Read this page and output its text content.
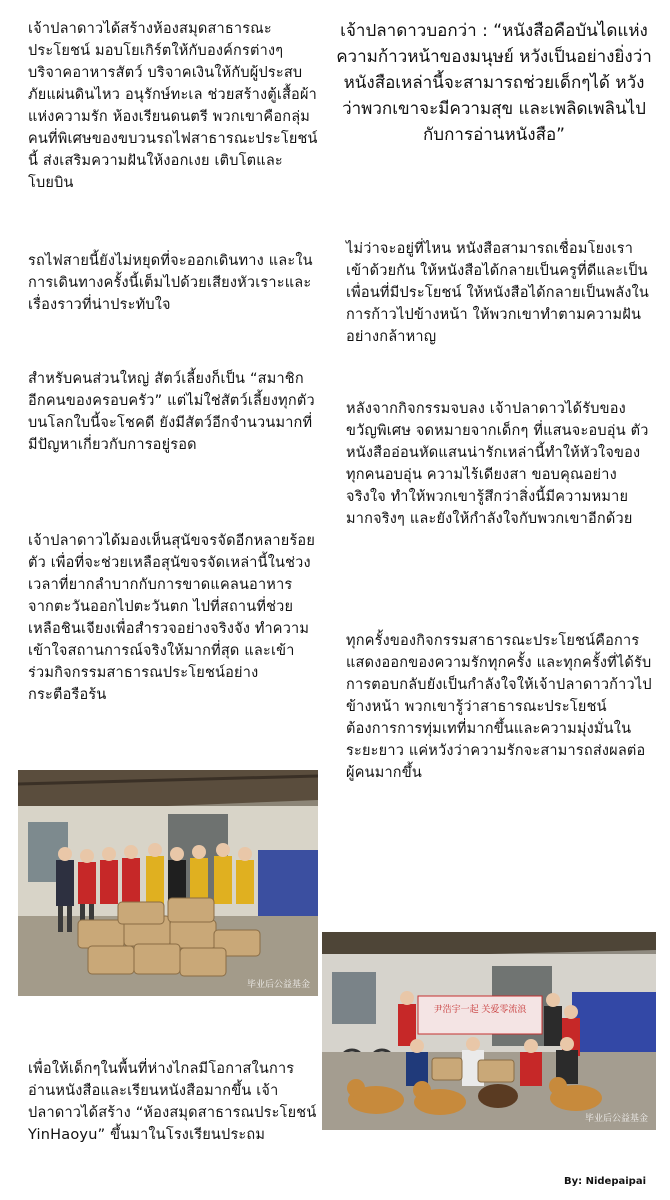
เจ้าปลาดาวได้สร้างห้องสมุดสาธารณะประโยชน์ มอบโยเกิร์ตให้กับองค์กรต่างๆ บริจาคอาหารสัตว์ บริจาคเงินให้กับผู้ประสบภัยแผ่นดินไหว อนุรักษ์ทะเล ช่วยสร้างตู้เสื้อผ้าแห่งความรัก ห้องเรียนดนตรี พวกเขาคือกลุ่มคนที่พิเศษของขบวนรถไฟสาธารณะประโยชน์นี้ ส่งเสริมความฝันให้งอกเงย เติบโตและโบยบิน
รถไฟสายนี้ยังไม่หยุดที่จะออกเดินทาง และในการเดินทางครั้งนี้เต็มไปด้วยเสียงหัวเราะและเรื่องราวที่น่าประทับใจ
สำหรับคนส่วนใหญ่ สัตว์เลี้ยงก็เป็น “สมาชิกอีกคนของครอบครัว” แต่ไม่ใช่สัตว์เลี้ยงทุกตัวบนโลกใบนี้จะโชคดี ยังมีสัตว์อีกจำนวนมากที่มีปัญหาเกี่ยวกับการอยู่รอด
เจ้าปลาดาวได้มองเห็นสุนัขจรจัดอีกหลายร้อยตัว เพื่อที่จะช่วยเหลือสุนัขจรจัดเหล่านี้ในช่วงเวลาที่ยากลำบากกับการขาดแคลนอาหาร จากตะวันออกไปตะวันตก ไปที่สถานที่ช่วยเหลือชินเจียงเพื่อสำรวจอย่างจริงจัง ทำความเข้าใจสถานการณ์จริงให้มากที่สุด และเข้าร่วมกิจกรรมสาธารณประโยชน์อย่างกระตือรือร้น
เพื่อให้เด็กๆในพื้นที่ห่างไกลมีโอกาสในการอ่านหนังสือและเรียนหนังสือมากขึ้น เจ้าปลาดาวได้สร้าง “ห้องสมุดสาธารณประโยชน์ YinHaoyu” ขึ้นมาในโรงเรียนประถม
เจ้าปลาดาวบอกว่า : “หนังสือคือบันไดแห่งความก้าวหน้าของมนุษย์ หวังเป็นอย่างยิ่งว่าหนังสือเหล่านี้จะสามารถช่วยเด็กๆได้ หวังว่าพวกเขาจะมีความสุข และเพลิดเพลินไปกับการอ่านหนังสือ”
ไม่ว่าจะอยู่ที่ไหน หนังสือสามารถเชื่อมโยงเราเข้าด้วยกัน ให้หนังสือได้กลายเป็นครูที่ดีและเป็นเพื่อนที่มีประโยชน์ ให้หนังสือได้กลายเป็นพลังในการก้าวไปข้างหน้า ให้พวกเขาทำตามความฝันอย่างกล้าหาญ
หลังจากกิจกรรมจบลง เจ้าปลาดาวได้รับของขวัญพิเศษ จดหมายจากเด็กๆ ที่แสนจะอบอุ่น ตัวหนังสืออ่อนหัดแสนน่ารักเหล่านี้ทำให้หัวใจของทุกคนอบอุ่น ความไร้เดียงสา ขอบคุณอย่างจริงใจ ทำให้พวกเขารู้สึกว่าสิ่งนี้มีความหมายมากจริงๆ และยังให้กำลังใจกับพวกเขาอีกด้วย
ทุกครั้งของกิจกรรมสาธารณะประโยชน์คือการแสดงออกของความรักทุกครั้ง และทุกครั้งที่ได้รับการตอบกลับยังเป็นกำลังใจให้เจ้าปลาดาวก้าวไปข้างหน้า พวกเขารู้ว่าสาธารณะประโยชน์ต้องการการทุ่มเทที่มากขึ้นและความมุ่งมั่นในระยะยาว แค่หวังว่าความรักจะสามารถส่งผลต่อผู้คนมากขึ้น
毕业后公益基金
尹浩宇一起 关爱零流浪
毕业后公益基金
By: Nidepaipai
